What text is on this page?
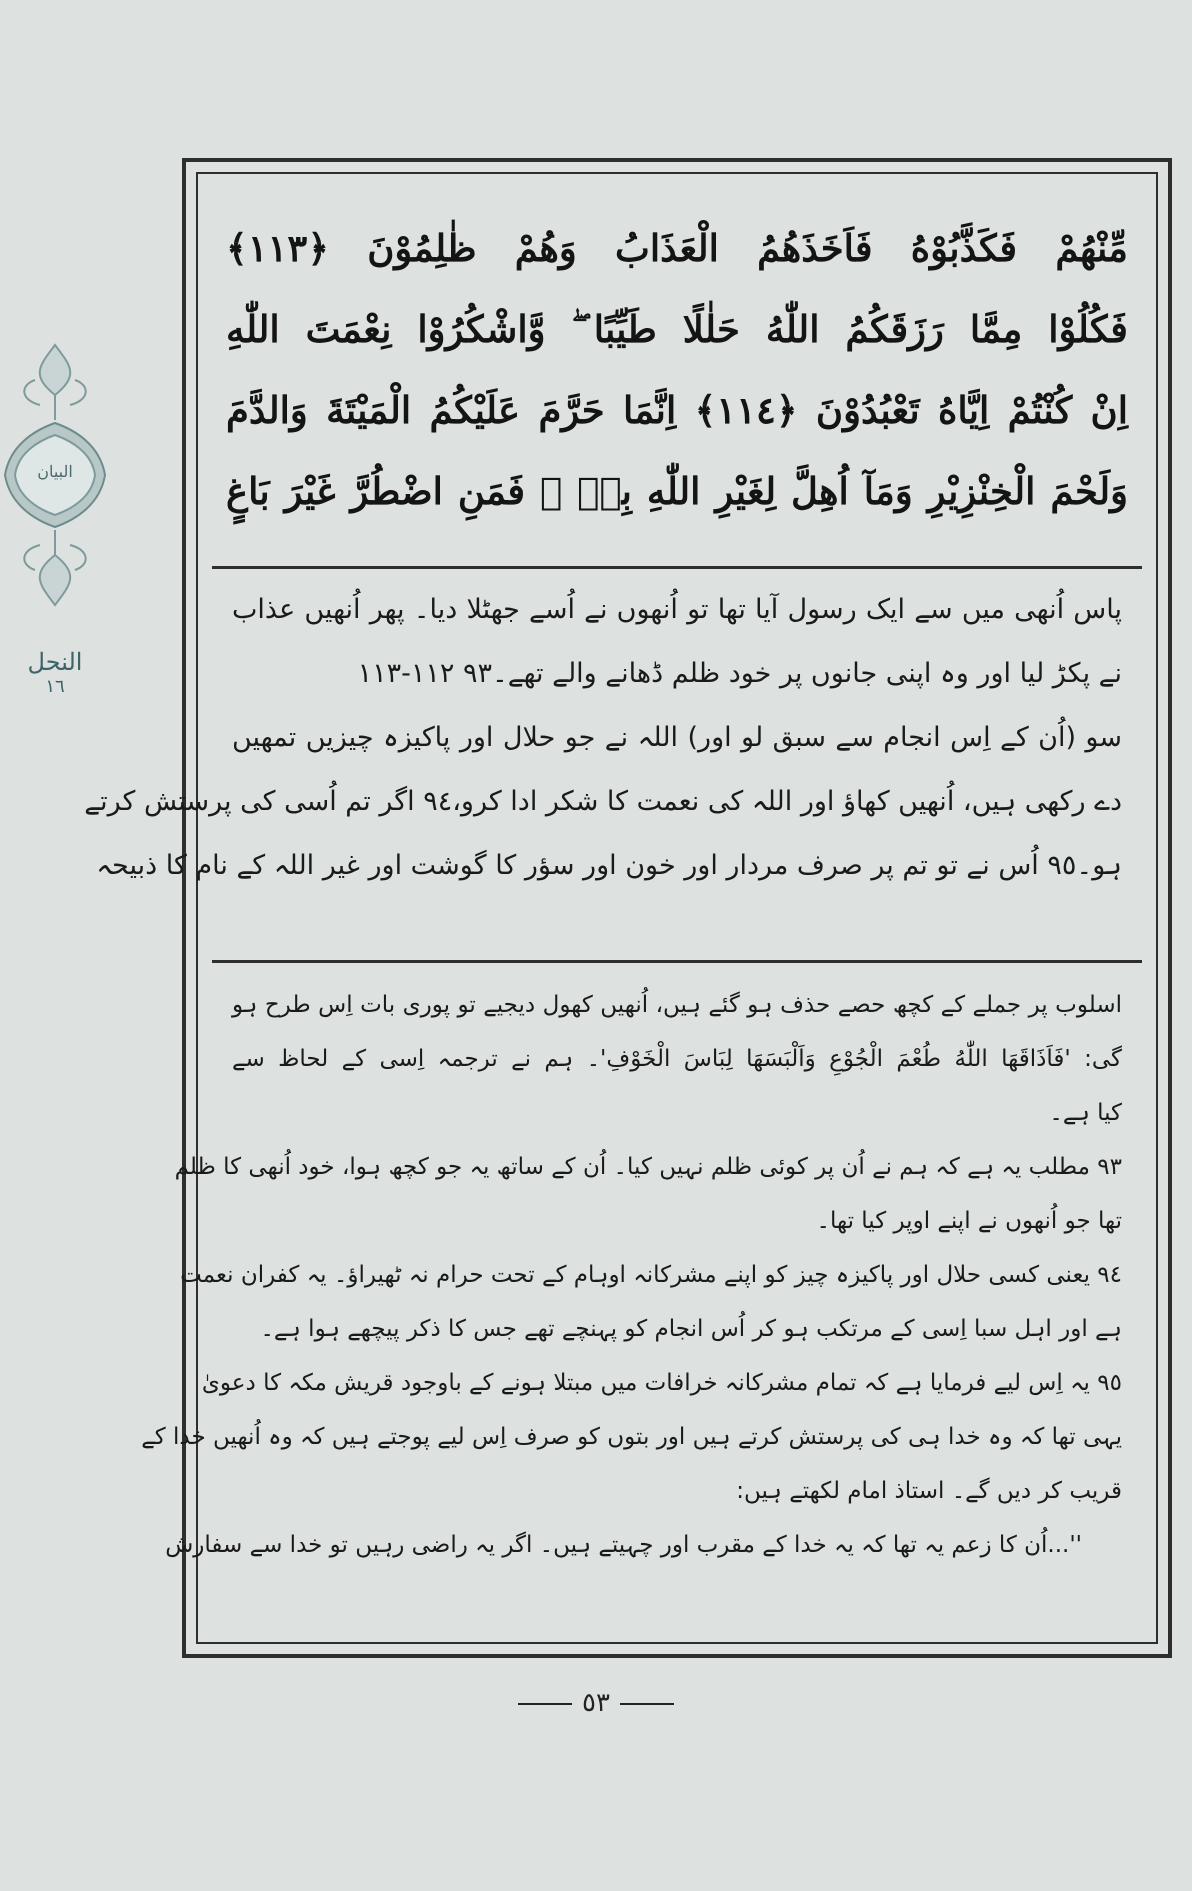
البيان
النحل
١٦
مِّنْهُمْ فَكَذَّبُوْهُ فَاَخَذَهُمُ الْعَذَابُ وَهُمْ ظٰلِمُوْنَ ﴿١١٣﴾
فَكُلُوْا مِمَّا رَزَقَكُمُ اللّٰهُ حَلٰلًا طَيِّبًا ۖ وَّاشْكُرُوْا نِعْمَتَ اللّٰهِ
اِنْ كُنْتُمْ اِيَّاهُ تَعْبُدُوْنَ ﴿١١٤﴾ اِنَّمَا حَرَّمَ عَلَيْكُمُ الْمَيْتَةَ وَالدَّمَ
وَلَحْمَ الْخِنْزِيْرِ وَمَآ اُهِلَّ لِغَيْرِ اللّٰهِ بِهٖ ۚ فَمَنِ اضْطُرَّ غَيْرَ بَاغٍ
پاس اُنھی میں سے ایک رسول آیا تھا تو اُنھوں نے اُسے جھٹلا دیا۔ پھر اُنھیں عذاب
نے پکڑ لیا اور وہ اپنی جانوں پر خود ظلم ڈھانے والے تھے۔٩٣ ١١٢-١١٣
سو (اُن کے اِس انجام سے سبق لو اور) اللہ نے جو حلال اور پاکیزہ چیزیں تمھیں
دے رکھی ہیں، اُنھیں کھاؤ اور اللہ کی نعمت کا شکر ادا کرو،٩٤ اگر تم اُسی کی پرستش کرتے
ہو۔٩٥ اُس نے تو تم پر صرف مردار اور خون اور سؤر کا گوشت اور غیر اللہ کے نام کا ذبیحہ
اسلوب پر جملے کے کچھ حصے حذف ہو گئے ہیں، اُنھیں کھول دیجیے تو پوری بات اِس طرح ہو
گی: 'فَاَذَاقَهَا اللّٰهُ طُعْمَ الْجُوْعِ وَاَلْبَسَهَا لِبَاسَ الْخَوْفِ'۔ ہم نے ترجمہ اِسی کے لحاظ سے
کیا ہے۔
٩٣ مطلب یہ ہے کہ ہم نے اُن پر کوئی ظلم نہیں کیا۔ اُن کے ساتھ یہ جو کچھ ہوا، خود اُنھی کا ظلم
تھا جو اُنھوں نے اپنے اوپر کیا تھا۔
٩٤ یعنی کسی حلال اور پاکیزہ چیز کو اپنے مشرکانہ اوہام کے تحت حرام نہ ٹھیراؤ۔ یہ کفران نعمت
ہے اور اہل سبا اِسی کے مرتکب ہو کر اُس انجام کو پہنچے تھے جس کا ذکر پیچھے ہوا ہے۔
٩٥ یہ اِس لیے فرمایا ہے کہ تمام مشرکانہ خرافات میں مبتلا ہونے کے باوجود قریش مکہ کا دعویٰ
یہی تھا کہ وہ خدا ہی کی پرستش کرتے ہیں اور بتوں کو صرف اِس لیے پوجتے ہیں کہ وہ اُنھیں خدا کے
قریب کر دیں گے۔ استاذ امام لکھتے ہیں:
''...اُن کا زعم یہ تھا کہ یہ خدا کے مقرب اور چہیتے ہیں۔ اگر یہ راضی رہیں تو خدا سے سفارش
٥٣
